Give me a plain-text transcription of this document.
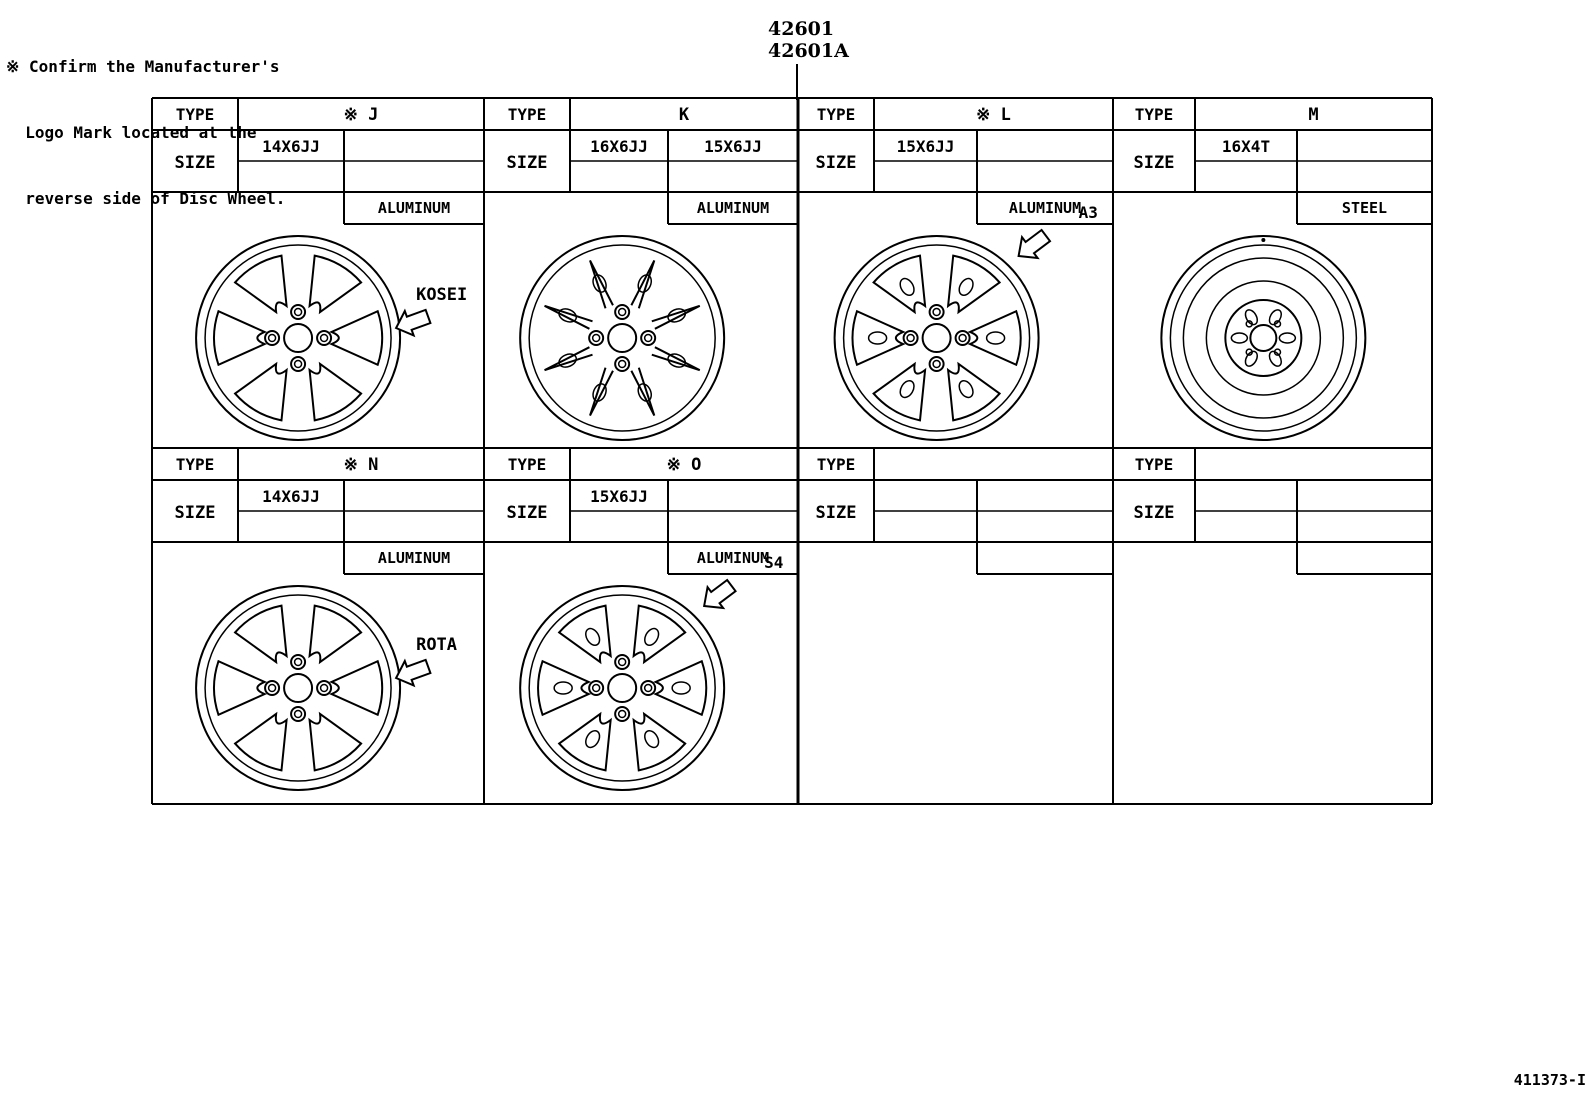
※ Confirm the Manufacturer's

Logo Mark located at the

reverse side of Disc Wheel.

42601
42601A
TYPE
SIZE
※ J
14X6JJ
ALUMINUM
KOSEI
TYPE
SIZE
K
16X6JJ	15X6JJ
ALUMINUM
TYPE
SIZE
※ L
15X6JJ
ALUMINUM
A3
TYPE
SIZE
M
16X4T
STEEL
TYPE
SIZE
※ N
14X6JJ
ALUMINUM
ROTA
TYPE
SIZE
※ O
15X6JJ
ALUMINUM
S4
TYPE
SIZE
TYPE
SIZE
411373-I
